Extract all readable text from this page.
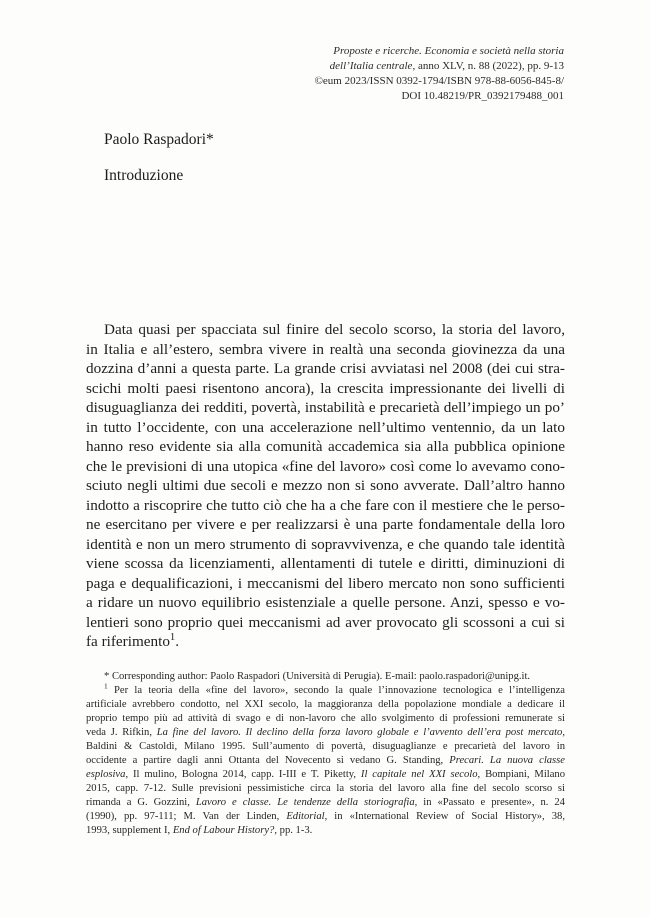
Proposte e ricerche. Economia e società nella storia
dell’Italia centrale, anno XLV, n. 88 (2022), pp. 9-13
©eum 2023/ISSN 0392-1794/ISBN 978-88-6056-845-8/
DOI 10.48219/PR_0392179488_001
Paolo Raspadori*
Introduzione
Data quasi per spacciata sul finire del secolo scorso, la storia del lavoro,
in Italia e all’estero, sembra vivere in realtà una seconda giovinezza da una
dozzina d’anni a questa parte. La grande crisi avviatasi nel 2008 (dei cui stra-
scichi molti paesi risentono ancora), la crescita impressionante dei livelli di
disuguaglianza dei redditi, povertà, instabilità e precarietà dell’impiego un po’
in tutto l’occidente, con una accelerazione nell’ultimo ventennio, da un lato
hanno reso evidente sia alla comunità accademica sia alla pubblica opinione
che le previsioni di una utopica «fine del lavoro» così come lo avevamo cono-
sciuto negli ultimi due secoli e mezzo non si sono avverate. Dall’altro hanno
indotto a riscoprire che tutto ciò che ha a che fare con il mestiere che le perso-
ne esercitano per vivere e per realizzarsi è una parte fondamentale della loro
identità e non un mero strumento di sopravvivenza, e che quando tale identità
viene scossa da licenziamenti, allentamenti di tutele e diritti, diminuzioni di
paga e dequalificazioni, i meccanismi del libero mercato non sono sufficienti
a ridare un nuovo equilibrio esistenziale a quelle persone. Anzi, spesso e vo-
lentieri sono proprio quei meccanismi ad aver provocato gli scossoni a cui si
fa riferimento$^1$.
* Corresponding author: Paolo Raspadori (Università di Perugia). E-mail: paolo.raspadori@unipg.it.
$^1$ Per la teoria della «fine del lavoro», secondo la quale l’innovazione tecnologica e l’intelligenza
artificiale avrebbero condotto, nel XXI secolo, la maggioranza della popolazione mondiale a dedicare il
proprio tempo più ad attività di svago e di non-lavoro che allo svolgimento di professioni remunerate si
veda J. Rifkin, La fine del lavoro. Il declino della forza lavoro globale e l’avvento dell’era post mercato,
Baldini & Castoldi, Milano 1995. Sull’aumento di povertà, disuguaglianze e precarietà del lavoro in
occidente a partire dagli anni Ottanta del Novecento si vedano G. Standing, Precari. La nuova classe
esplosiva, Il mulino, Bologna 2014, capp. I-III e T. Piketty, Il capitale nel XXI secolo, Bompiani, Milano
2015, capp. 7-12. Sulle previsioni pessimistiche circa la storia del lavoro alla fine del secolo scorso si
rimanda a G. Gozzini, Lavoro e classe. Le tendenze della storiografia, in «Passato e presente», n. 24
(1990), pp. 97-111; M. Van der Linden, Editorial, in «International Review of Social History», 38,
1993, supplement I, End of Labour History?, pp. 1-3.
